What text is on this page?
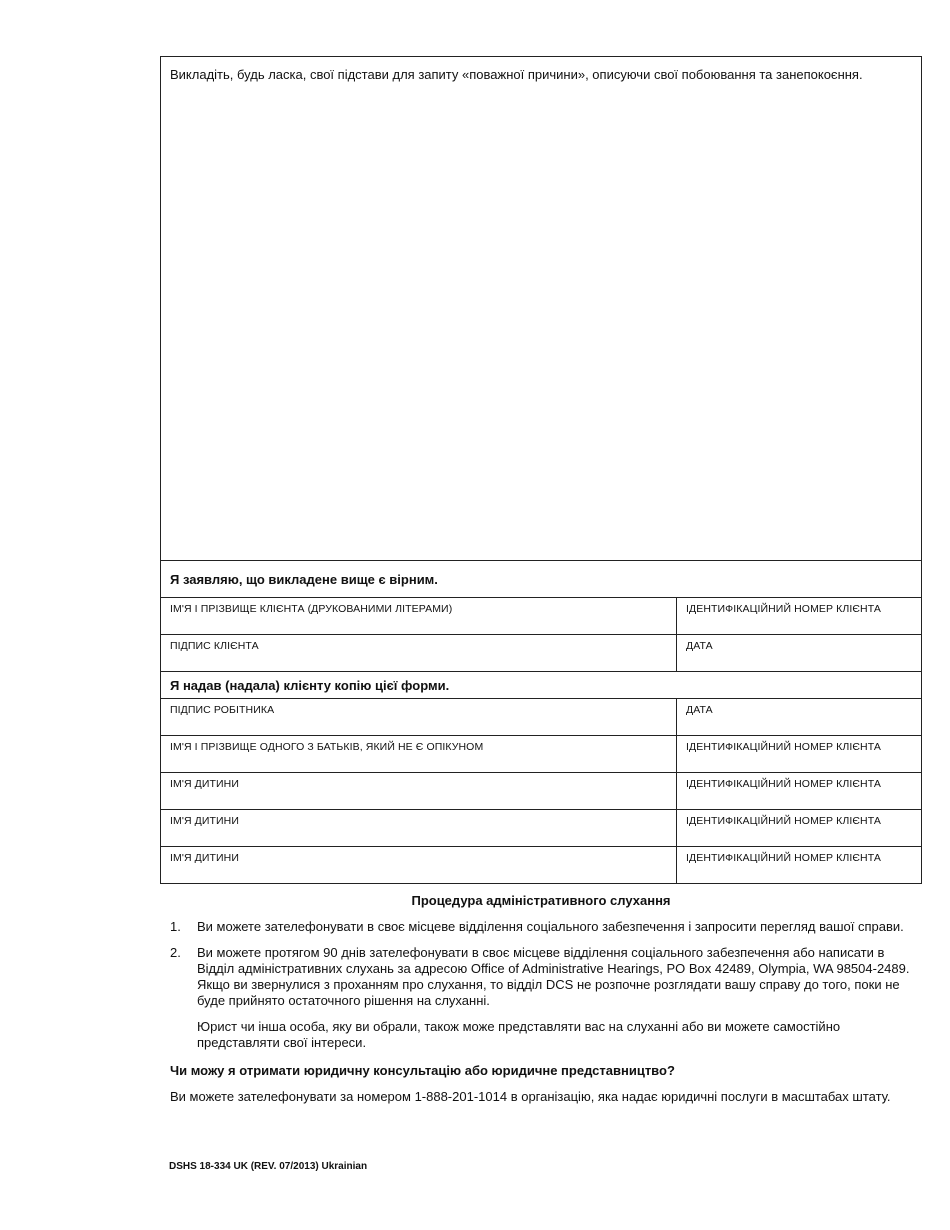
Викладіть, будь ласка, свої підстави для запиту «поважної причини», описуючи свої побоювання та занепокоєння.	

Я заявляю, що викладене вище є вірним.	

ІМ'Я І ПРІЗВИЩЕ КЛІЄНТА (ДРУКОВАНИМИ ЛІТЕРАМИ)	ІДЕНТИФІКАЦІЙНИЙ НОМЕР КЛІЄНТА

ПІДПИС КЛІЄНТА	ДАТА

Я надав (надала) клієнту копію цієї форми.	

ПІДПИС РОБІТНИКА	ДАТА

ІМ'Я І ПРІЗВИЩЕ ОДНОГО З БАТЬКІВ, ЯКИЙ НЕ Є ОПІКУНОМ	ІДЕНТИФІКАЦІЙНИЙ НОМЕР КЛІЄНТА

ІМ'Я ДИТИНИ	ІДЕНТИФІКАЦІЙНИЙ НОМЕР КЛІЄНТА

ІМ'Я ДИТИНИ	ІДЕНТИФІКАЦІЙНИЙ НОМЕР КЛІЄНТА

ІМ'Я ДИТИНИ	ІДЕНТИФІКАЦІЙНИЙ НОМЕР КЛІЄНТА

Процедура адміністративного слухання

1. Ви можете зателефонувати в своє місцеве відділення соціального забезпечення і запросити перегляд вашої справи.
2. Ви можете протягом 90 днів зателефонувати в своє місцеве відділення соціального забезпечення або написати в Відділ адміністративних слухань за адресою Office of Administrative Hearings, PO Box 42489, Olympia, WA 98504-2489. Якщо ви звернулися з проханням про слухання, то відділ DCS не розпочне розглядати вашу справу до того, поки не буде прийнято остаточного рішення на слуханні.

Юрист чи інша особа, яку ви обрали, також може представляти вас на слуханні або ви можете самостійно представляти свої інтереси.

Чи можу я отримати юридичну консультацію або юридичне представництво?

Ви можете зателефонувати за номером 1-888-201-1014 в організацію, яка надає юридичні послуги в масштабах штату.

DSHS 18-334 UK (REV. 07/2013) Ukrainian
